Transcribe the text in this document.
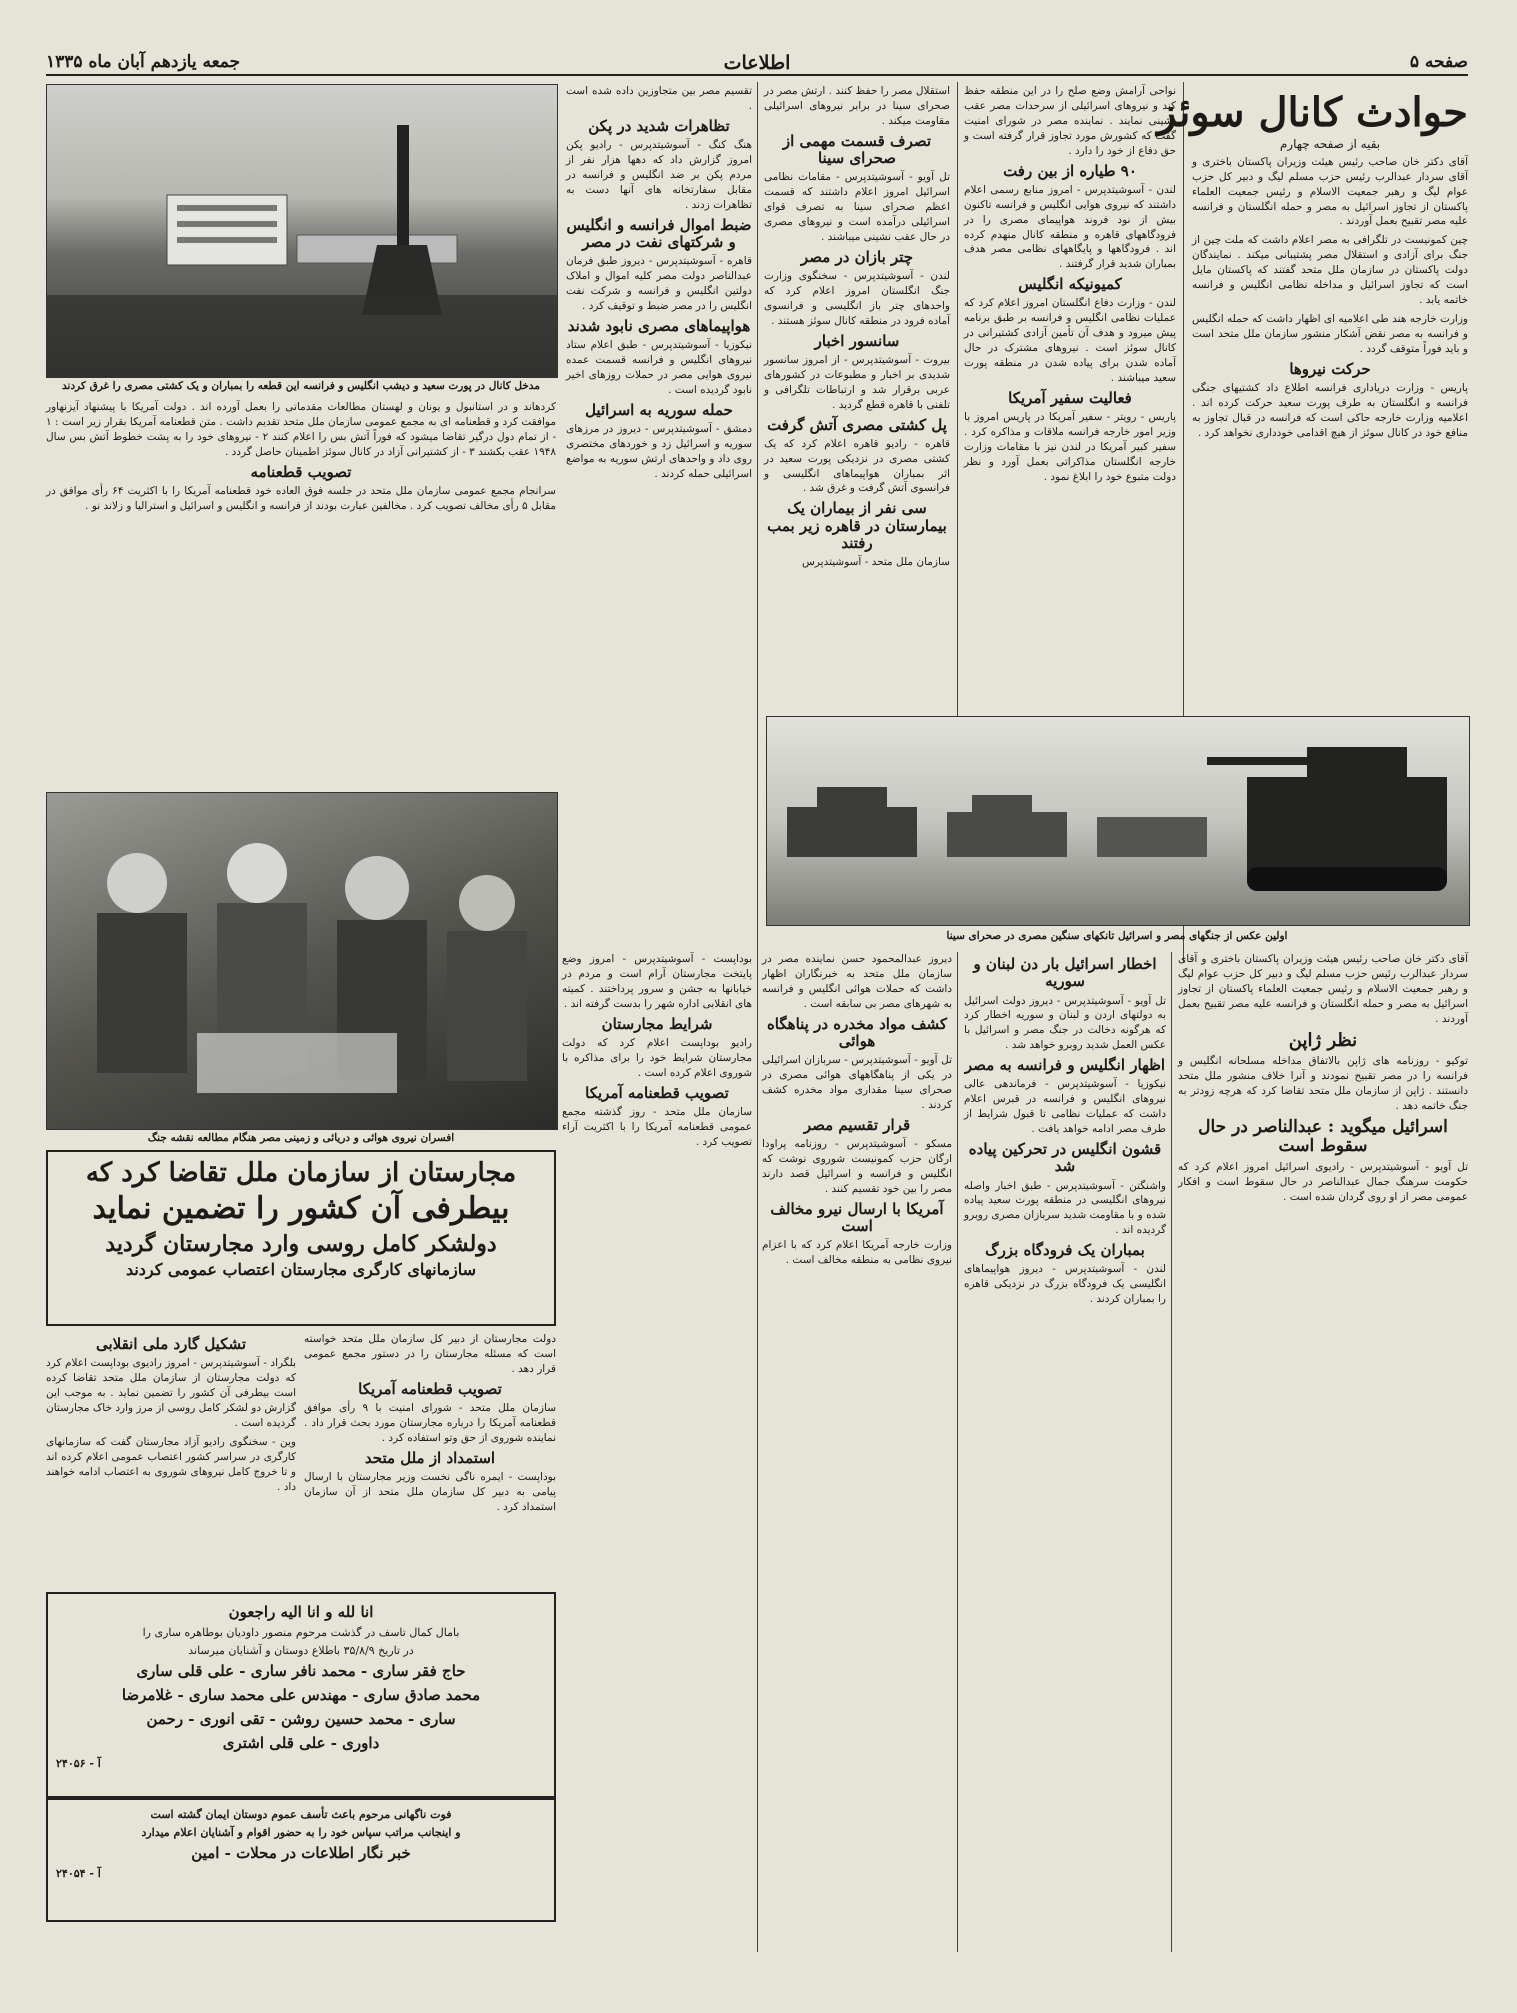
صفحه ۵
اطلاعات
جمعه یازدهم آبان ماه ۱۳۳۵
حوادث کانال سوئز
بقیه از صفحه چهارم

آقای دکتر خان صاحب رئیس هیئت وزیران پاکستان باختری و آقای سردار عبدالرب رئیس حزب مسلم لیگ و دبیر کل حزب عوام لیگ و رهبر جمعیت الاسلام و رئیس جمعیت العلماء پاکستان از تجاوز اسرائیل به مصر و حمله انگلستان و فرانسه علیه مصر تقبیح بعمل آوردند .

چین کمونیست در تلگرافی به مصر اعلام داشت که ملت چین از جنگ برای آزادی و استقلال مصر پشتیبانی میکند . نمایندگان دولت پاکستان در سازمان ملل متحد گفتند که پاکستان مایل است که تجاوز اسرائیل و مداخله نظامی انگلیس و فرانسه خاتمه یابد .

وزارت خارجه هند طی اعلامیه ای اظهار داشت که حمله انگلیس و فرانسه به مصر نقض آشکار منشور سازمان ملل متحد است و باید فوراً متوقف گردد .

حرکت نیروها

پاریس - وزارت دریاداری فرانسه اطلاع داد کشتیهای جنگی فرانسه و انگلستان به طرف پورت سعید حرکت کرده اند . اعلامیه وزارت خارجه حاکی است که فرانسه در قبال تجاوز به منافع خود در کانال سوئز از هیچ اقدامی خودداری نخواهد کرد .

نواحی آرامش وضع صلح را در این منطقه حفظ کند و نیروهای اسرائیلی از سرحدات مصر عقب نشینی نمایند . نماینده مصر در شورای امنیت گفت که کشورش مورد تجاوز قرار گرفته است و حق دفاع از خود را دارد .

۹۰ طیاره از بین رفت

لندن - آسوشیتدپرس - امروز منابع رسمی اعلام داشتند که نیروی هوایی انگلیس و فرانسه تاکنون بیش از نود فروند هواپیمای مصری را در فرودگاههای قاهره و منطقه کانال منهدم کرده اند . فرودگاهها و پایگاههای نظامی مصر هدف بمباران شدید قرار گرفتند .

کمیونیکه انگلیس

لندن - وزارت دفاع انگلستان امروز اعلام کرد که عملیات نظامی انگلیس و فرانسه بر طبق برنامه پیش میرود و هدف آن تأمین آزادی کشتیرانی در کانال سوئز است . نیروهای مشترک در حال آماده شدن برای پیاده شدن در منطقه پورت سعید میباشند .

فعالیت سفیر آمریکا

پاریس - رویتر - سفیر آمریکا در پاریس امروز با وزیر امور خارجه فرانسه ملاقات و مذاکره کرد . سفیر کبیر آمریکا در لندن نیز با مقامات وزارت خارجه انگلستان مذاکراتی بعمل آورد و نظر دولت متبوع خود را ابلاغ نمود .

استقلال مصر را حفظ کنند . ارتش مصر در صحرای سینا در برابر نیروهای اسرائیلی مقاومت میکند .

تصرف قسمت مهمی از صحرای سینا

تل آویو - آسوشیتدپرس - مقامات نظامی اسرائیل امروز اعلام داشتند که قسمت اعظم صحرای سینا به تصرف قوای اسرائیلی درآمده است و نیروهای مصری در حال عقب نشینی میباشند .

چتر بازان در مصر

لندن - آسوشیتدپرس - سخنگوی وزارت جنگ انگلستان امروز اعلام کرد که واحدهای چتر باز انگلیسی و فرانسوی آماده فرود در منطقه کانال سوئز هستند .

سانسور اخبار

بیروت - آسوشیتدپرس - از امروز سانسور شدیدی بر اخبار و مطبوعات در کشورهای عربی برقرار شد و ارتباطات تلگرافی و تلفنی با قاهره قطع گردید .

پل کشتی مصری آتش گرفت

قاهره - رادیو قاهره اعلام کرد که یک کشتی مصری در نزدیکی پورت سعید در اثر بمباران هواپیماهای انگلیسی و فرانسوی آتش گرفت و غرق شد .

سی نفر از بیماران یک بیمارستان در قاهره زیر بمب رفتند

سازمان ملل متحد - آسوشیتدپرس

تقسیم مصر بین متجاوزین داده شده است .

تظاهرات شدید در پکن

هنگ کنگ - آسوشیتدپرس - رادیو پکن امروز گزارش داد که دهها هزار نفر از مردم پکن بر ضد انگلیس و فرانسه در مقابل سفارتخانه های آنها دست به تظاهرات زدند .

ضبط اموال فرانسه و انگلیس و شرکتهای نفت در مصر

قاهره - آسوشیتدپرس - دیروز طبق فرمان عبدالناصر دولت مصر کلیه اموال و املاک دولتین انگلیس و فرانسه و شرکت نفت انگلیس را در مصر ضبط و توقیف کرد .

هواپیماهای مصری نابود شدند

نیکوزیا - آسوشیتدپرس - طبق اعلام ستاد نیروهای انگلیس و فرانسه قسمت عمده نیروی هوایی مصر در حملات روزهای اخیر نابود گردیده است .

حمله سوریه به اسرائیل

دمشق - آسوشیتدپرس - دیروز در مرزهای سوریه و اسرائیل زد و خوردهای مختصری روی داد و واحدهای ارتش سوریه به مواضع اسرائیلی حمله کردند .

مدخل کانال در پورت سعید و دیشب انگلیس و فرانسه این قطعه را بمباران و یک کشتی مصری را غرق کردند

کردهاند و در استانبول و یونان و لهستان مطالعات مقدماتی را بعمل آورده اند . دولت آمریکا با پیشنهاد آیزنهاور موافقت کرد و قطعنامه ای به مجمع عمومی سازمان ملل متحد تقدیم داشت . متن قطعنامه آمریکا بقرار زیر است : ۱ - از تمام دول درگیر تقاضا میشود که فوراً آتش بس را اعلام کنند ۲ - نیروهای خود را به پشت خطوط آتش بس سال ۱۹۴۸ عقب بکشند ۳ - از کشتیرانی آزاد در کانال سوئز اطمینان حاصل گردد .

تصویب قطعنامه

سرانجام مجمع عمومی سازمان ملل متحد در جلسه فوق العاده خود قطعنامه آمریکا را با اکثریت ۶۴ رأی موافق در مقابل ۵ رأی مخالف تصویب کرد . مخالفین عبارت بودند از فرانسه و انگلیس و اسرائیل و استرالیا و زلاند نو .

افسران نیروی هوائی و دریائی و زمینی مصر هنگام مطالعه نقشه جنگ
اولین عکس از جنگهای مصر و اسرائیل تانکهای سنگین مصری در صحرای سینا
مجارستان از سازمان ملل تقاضا کرد که
بیطرفی آن کشور را تضمین نماید
دولشکر کامل روسی وارد مجارستان گردید
سازمانهای کارگری مجارستان اعتصاب عمومی کردند
تشکیل گارد ملی انقلابی

بلگراد - آسوشیتدپرس - امروز رادیوی بوداپست اعلام کرد که دولت مجارستان از سازمان ملل متحد تقاضا کرده است بیطرفی آن کشور را تضمین نماید . به موجب این گزارش دو لشکر کامل روسی از مرز وارد خاک مجارستان گردیده است .

وین - سخنگوی رادیو آزاد مجارستان گفت که سازمانهای کارگری در سراسر کشور اعتصاب عمومی اعلام کرده اند و تا خروج کامل نیروهای شوروی به اعتصاب ادامه خواهند داد .

دولت مجارستان از دبیر کل سازمان ملل متحد خواسته است که مسئله مجارستان را در دستور مجمع عمومی قرار دهد .

تصویب قطعنامه آمریکا

سازمان ملل متحد - شورای امنیت با ۹ رأی موافق قطعنامه آمریکا را درباره مجارستان مورد بحث قرار داد . نماینده شوروی از حق وتو استفاده کرد .

استمداد از ملل متحد

بوداپست - ایمره ناگی نخست وزیر مجارستان با ارسال پیامی به دبیر کل سازمان ملل متحد از آن سازمان استمداد کرد .

انا لله و انا الیه راجعون
بامال کمال تاسف در گذشت مرحوم منصور داودیان بوطاهره ساری را
در تاریخ ۳۵/۸/۹ باطلاع دوستان و آشنایان میرساند
حاج فقر ساری - محمد نافر ساری - علی قلی ساری
محمد صادق ساری - مهندس علی محمد ساری - غلامرضا
ساری - محمد حسین روشن - تقی انوری - رحمن
داوری - علی قلی اشتری
آ - ۲۴۰۵۶
فوت ناگهانی مرحوم باعث تأسف عموم دوستان ایمان گشته است
و اینجانب مراتب سپاس خود را به حضور اقوام و آشنایان اعلام میدارد
خبر نگار اطلاعات در محلات - امین
آ - ۲۴۰۵۴

آقای دکتر خان صاحب رئیس هیئت وزیران پاکستان باختری و آقای سردار عبدالرب رئیس حزب مسلم لیگ و دبیر کل حزب عوام لیگ و رهبر جمعیت الاسلام و رئیس جمعیت العلماء پاکستان از تجاوز اسرائیل به مصر و حمله انگلستان و فرانسه علیه مصر تقبیح بعمل آوردند .

نظر ژاپن

توکیو - روزنامه های ژاپن بالاتفاق مداخله مسلحانه انگلیس و فرانسه را در مصر تقبیح نمودند و آنرا خلاف منشور ملل متحد دانستند . ژاپن از سازمان ملل متحد تقاضا کرد که هرچه زودتر به جنگ خاتمه دهد .

اسرائیل میگوید : عبدالناصر در حال سقوط است

تل آویو - آسوشیتدپرس - رادیوی اسرائیل امروز اعلام کرد که حکومت سرهنگ جمال عبدالناصر در حال سقوط است و افکار عمومی مصر از او روی گردان شده است .

اخطار اسرائیل بار دن لبنان و سوریه

تل آویو - آسوشیتدپرس - دیروز دولت اسرائیل به دولتهای اردن و لبنان و سوریه اخطار کرد که هرگونه دخالت در جنگ مصر و اسرائیل با عکس العمل شدید روبرو خواهد شد .

اظهار انگلیس و فرانسه به مصر

نیکوزیا - آسوشیتدپرس - فرماندهی عالی نیروهای انگلیس و فرانسه در قبرس اعلام داشت که عملیات نظامی تا قبول شرایط از طرف مصر ادامه خواهد یافت .

قشون انگلیس در تحرکین پیاده شد

واشنگتن - آسوشیتدپرس - طبق اخبار واصله نیروهای انگلیسی در منطقه پورت سعید پیاده شده و با مقاومت شدید سربازان مصری روبرو گردیده اند .

بمباران یک فرودگاه بزرگ

لندن - آسوشیتدپرس - دیروز هواپیماهای انگلیسی یک فرودگاه بزرگ در نزدیکی قاهره را بمباران کردند .

دیروز عبدالمحمود حسن نماینده مصر در سازمان ملل متحد به خبرنگاران اظهار داشت که حملات هوائی انگلیس و فرانسه به شهرهای مصر بی سابقه است .

کشف مواد مخدره در پناهگاه هوائی

تل آویو - آسوشیتدپرس - سربازان اسرائیلی در یکی از پناهگاههای هوائی مصری در صحرای سینا مقداری مواد مخدره کشف کردند .

قرار تقسیم مصر

مسکو - آسوشیتدپرس - روزنامه پراودا ارگان حزب کمونیست شوروی نوشت که انگلیس و فرانسه و اسرائیل قصد دارند مصر را بین خود تقسیم کنند .

آمریکا با ارسال نیرو مخالف است

وزارت خارجه آمریکا اعلام کرد که با اعزام نیروی نظامی به منطقه مخالف است .

بوداپست - آسوشیتدپرس - امروز وضع پایتخت مجارستان آرام است و مردم در خیابانها به جشن و سرور پرداختند . کمیته های انقلابی اداره شهر را بدست گرفته اند .

شرایط مجارستان

رادیو بوداپست اعلام کرد که دولت مجارستان شرایط خود را برای مذاکره با شوروی اعلام کرده است .

تصویب قطعنامه آمریکا

سازمان ملل متحد - روز گذشته مجمع عمومی قطعنامه آمریکا را با اکثریت آراء تصویب کرد .
